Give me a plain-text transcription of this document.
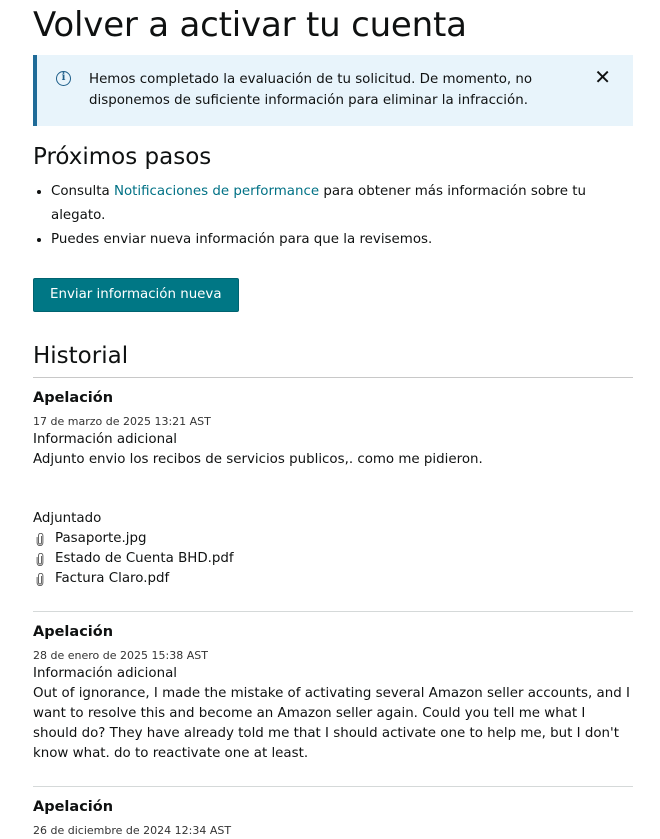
Volver a activar tu cuenta
i	Hemos completado la evaluación de tu solicitud. De momento, no disponemos de suficiente información para eliminar la infracción.
✕
Próximos pasos
• Consulta Notificaciones de performance para obtener más información sobre tu alegato.
• Puedes enviar nueva información para que la revisemos.
Enviar información nueva
Historial
Apelación
17 de marzo de 2025 13:21 AST
Información adicional
Adjunto envio los recibos de servicios publicos,. como me pidieron.
Adjuntado
Pasaporte.jpg
Estado de Cuenta BHD.pdf
Factura Claro.pdf
Apelación
28 de enero de 2025 15:38 AST
Información adicional
Out of ignorance, I made the mistake of activating several Amazon seller accounts, and I want to resolve this and become an Amazon seller again. Could you tell me what I should do? They have already told me that I should activate one to help me, but I don't know what. do to reactivate one at least.
Apelación
26 de diciembre de 2024 12:34 AST
